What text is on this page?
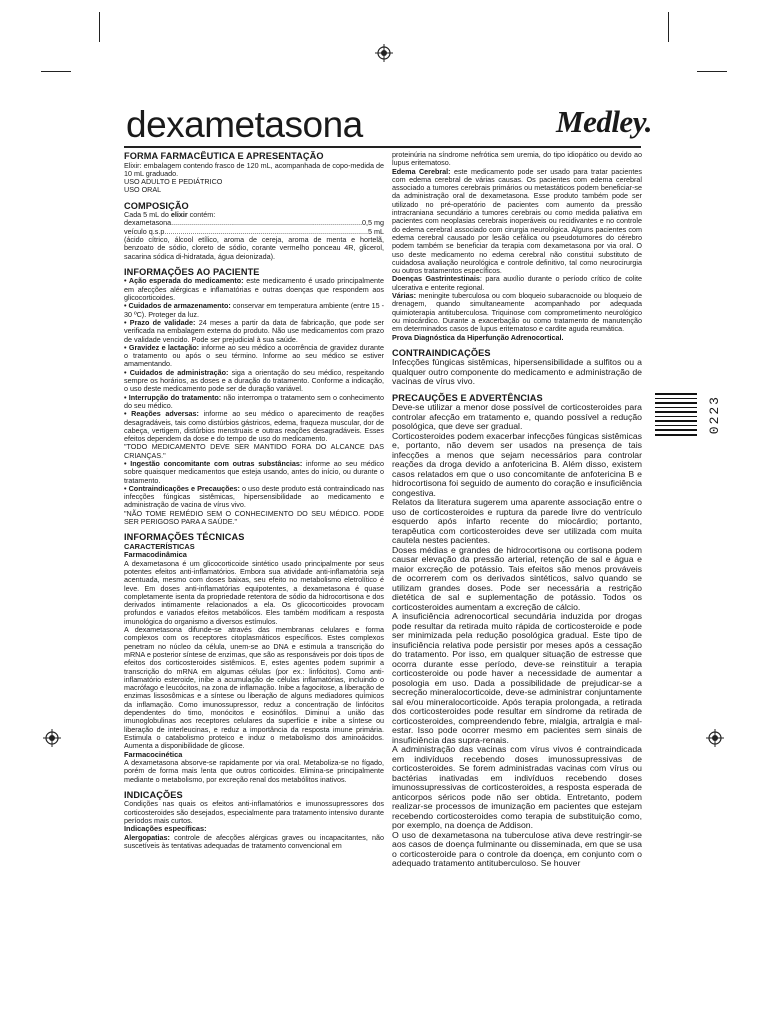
dexametasona	Medley.
0223
FORMA FARMACÊUTICA E APRESENTAÇÃO

Elixir: embalagem contendo frasco de 120 mL, acompanhada de copo-medida de 10 mL graduado.

USO ADULTO E PEDIÁTRICO

USO ORAL

COMPOSIÇÃO

Cada 5 mL do elixir contém:

dexametasona .....	0,5 mg
veículo q.s.p. .....	5 mL

(ácido cítrico, álcool etílico, aroma de cereja, aroma de menta e hortelã, benzoato de sódio, cloreto de sódio, corante vermelho ponceau 4R, glicerol, sacarina sódica di-hidratada, água deionizada).

INFORMAÇÕES AO PACIENTE

• Ação esperada do medicamento: este medicamento é usado principalmente em afecções alérgicas e inflamatórias e outras doenças que respondem aos glicocorticoides.

• Cuidados de armazenamento: conservar em temperatura ambiente (entre 15 - 30 ºC). Proteger da luz.

• Prazo de validade: 24 meses a partir da data de fabricação, que pode ser verificada na embalagem externa do produto. Não use medicamentos com prazo de validade vencido. Pode ser prejudicial à sua saúde.

• Gravidez e lactação: informe ao seu médico a ocorrência de gravidez durante o tratamento ou após o seu término. Informe ao seu médico se estiver amamentando.

• Cuidados de administração: siga a orientação do seu médico, respeitando sempre os horários, as doses e a duração do tratamento. Conforme a indicação, o uso deste medicamento pode ser de duração variável.

• Interrupção do tratamento: não interrompa o tratamento sem o conhecimento do seu médico.

• Reações adversas: informe ao seu médico o aparecimento de reações desagradáveis, tais como distúrbios gástricos, edema, fraqueza muscular, dor de cabeça, vertigem, distúrbios menstruais e outras reações desagradáveis. Esses efeitos dependem da dose e do tempo de uso do medicamento.

"TODO MEDICAMENTO DEVE SER MANTIDO FORA DO ALCANCE DAS CRIANÇAS."

• Ingestão concomitante com outras substâncias: informe ao seu médico sobre quaisquer medicamentos que esteja usando, antes do início, ou durante o tratamento.

• Contraindicações e Precauções: o uso deste produto está contraindicado nas infecções fúngicas sistêmicas, hipersensibilidade ao medicamento e administração de vacina de vírus vivo.

"NÃO TOME REMÉDIO SEM O CONHECIMENTO DO SEU MÉDICO. PODE SER PERIGOSO PARA A SAÚDE."

INFORMAÇÕES TÉCNICAS
CARACTERÍSTICAS
Farmacodinâmica

A dexametasona é um glicocorticoide sintético usado principalmente por seus potentes efeitos anti-inflamatórios. Embora sua atividade anti-inflamatória seja acentuada, mesmo com doses baixas, seu efeito no metabolismo eletrolítico é leve. Em doses anti-inflamatórias equipotentes, a dexametasona é quase completamente isenta da propriedade retentora de sódio da hidrocortisona e dos derivados intimamente relacionados a ela. Os glicocorticoides provocam profundos e variados efeitos metabólicos. Eles também modificam a resposta imunológica do organismo a diversos estímulos.

A dexametasona difunde-se através das membranas celulares e forma complexos com os receptores citoplasmáticos específicos. Estes complexos penetram no núcleo da célula, unem-se ao DNA e estimula a transcrição do mRNA e posterior síntese de enzimas, que são as responsáveis por dois tipos de efeitos dos corticosteroides sistêmicos. E, estes agentes podem suprimir a transcrição do mRNA em algumas células (por ex.: linfócitos). Como anti-inflamatório esteroide, inibe a acumulação de células inflamatórias, incluindo o macrófago e leucócitos, na zona de inflamação. Inibe a fagocitose, a liberação de enzimas lissosômicas e a síntese ou liberação de alguns mediadores químicos da inflamação. Como imunossupressor, reduz a concentração de linfócitos dependentes do timo, monócitos e eosinófilos. Diminui a união das imunoglobulinas aos receptores celulares da superfície e inibe a síntese ou liberação de interleucinas, e reduz a importância da resposta imune primária. Estimula o catabolismo proteico e induz o metabolismo dos aminoácidos. Aumenta a disponibilidade de glicose.

Farmacocinética

A dexametasona absorve-se rapidamente por via oral. Metaboliza-se no fígado, porém de forma mais lenta que outros corticoides. Elimina-se principalmente mediante o metabolismo, por excreção renal dos metabólitos inativos.

INDICAÇÕES

Condições nas quais os efeitos anti-inflamatórios e imunossupressores dos corticosteroides são desejados, especialmente para tratamento intensivo durante períodos mais curtos.

Indicações específicas:

Alergopatias: controle de afecções alérgicas graves ou incapacitantes, não suscetíveis às tentativas adequadas de tratamento convencional em

proteinúria na síndrome nefrótica sem uremia, do tipo idiopático ou devido ao lupus eritematoso.

Edema Cerebral: este medicamento pode ser usado para tratar pacientes com edema cerebral de várias causas. Os pacientes com edema cerebral associado a tumores cerebrais primários ou metastáticos podem beneficiar-se da administração oral de dexametasona. Esse produto também pode ser utilizado no pré-operatório de pacientes com aumento da pressão intracraniana secundário a tumores cerebrais ou como medida paliativa em pacientes com neoplasias cerebrais inoperáveis ou recidivantes e no controle do edema cerebral associado com cirurgia neurológica. Alguns pacientes com edema cerebral causado por lesão cefálica ou pseudotumores do cérebro podem também se beneficiar da terapia com dexametasona por via oral. O uso deste medicamento no edema cerebral não constitui substituto de cuidadosa avaliação neurológica e controle definitivo, tal como neurocirurgia ou outros tratamentos específicos.

Doenças Gastrintestinais: para auxílio durante o período crítico de colite ulcerativa e enterite regional.

Várias: meningite tuberculosa ou com bloqueio subaracnoide ou bloqueio de drenagem, quando simultaneamente acompanhado por adequada quimioterapia antituberculosa. Triquinose com comprometimento neurológico ou miocárdico. Durante a exacerbação ou como tratamento de manutenção em determinados casos de lupus eritematoso e cardite aguda reumática.

Prova Diagnóstica da Hiperfunção Adrenocortical.

CONTRAINDICAÇÕES

Infecções fúngicas sistêmicas, hipersensibilidade a sulfitos ou a qualquer outro componente do medicamento e administração de vacinas de vírus vivo.

PRECAUÇÕES E ADVERTÊNCIAS

Deve-se utilizar a menor dose possível de corticosteroides para controlar afecção em tratamento e, quando possível a redução posológica, que deve ser gradual.

Corticosteroides podem exacerbar infecções fúngicas sistêmicas e, portanto, não devem ser usados na presença de tais infecções a menos que sejam necessários para controlar reações da droga devido a anfotericina B. Além disso, existem casos relatados em que o uso concomitante de anfotericina B e hidrocortisona foi seguido de aumento do coração e insuficiência congestiva.

Relatos da literatura sugerem uma aparente associação entre o uso de corticosteroides e ruptura da parede livre do ventrículo esquerdo após infarto recente do miocárdio; portanto, terapêutica com corticosteroides deve ser utilizada com muita cautela nestes pacientes.

Doses médias e grandes de hidrocortisona ou cortisona podem causar elevação da pressão arterial, retenção de sal e água e maior excreção de potássio. Tais efeitos são menos prováveis de ocorrerem com os derivados sintéticos, salvo quando se utilizam grandes doses. Pode ser necessária a restrição dietética de sal e suplementação de potássio. Todos os corticosteroides aumentam a excreção de cálcio.

A insuficiência adrenocortical secundária induzida por drogas pode resultar da retirada muito rápida de corticosteroide e pode ser minimizada pela redução posológica gradual. Este tipo de insuficiência relativa pode persistir por meses após a cessação do tratamento. Por isso, em qualquer situação de estresse que ocorra durante esse período, deve-se reinstituir a terapia corticosteroide ou pode haver a necessidade de aumentar a posologia em uso. Dada a possibilidade de prejudicar-se a secreção mineralocorticoide, deve-se administrar conjuntamente sal e/ou mineralocorticoide. Após terapia prolongada, a retirada dos corticosteroides pode resultar em síndrome da retirada de corticosteroides, compreendendo febre, mialgia, artralgia e mal-estar. Isso pode ocorrer mesmo em pacientes sem sinais de insuficiência das supra-renais.

A administração das vacinas com vírus vivos é contraindicada em indivíduos recebendo doses imunossupressivas de corticosteroides. Se forem administradas vacinas com vírus ou bactérias inativadas em indivíduos recebendo doses imunossupressivas de corticosteroides, a resposta esperada de anticorpos séricos pode não ser obtida. Entretanto, podem realizar-se processos de imunização em pacientes que estejam recebendo corticosteroides como terapia de substituição como, por exemplo, na doença de Addison.

O uso de dexametasona na tuberculose ativa deve restringir-se aos casos de doença fulminante ou disseminada, em que se usa o corticosteroide para o controle da doença, em conjunto com o adequado tratamento antituberculoso. Se houver
